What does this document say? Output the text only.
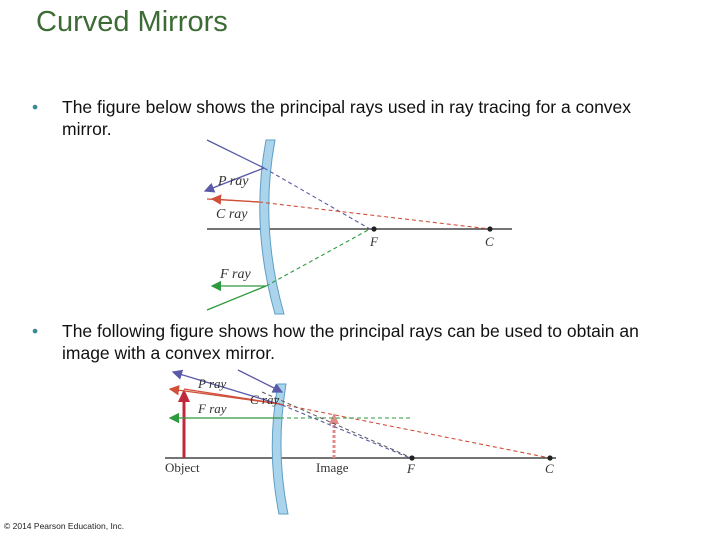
Curved Mirrors
• The figure below shows the principal rays used in ray tracing for a convex mirror.
• The following figure shows how the principal rays can be used to obtain an image with a convex mirror.
P ray
C ray
F ray
F	C
P ray
C ray
F ray
Object	Image	F	C
© 2014 Pearson Education, Inc.
